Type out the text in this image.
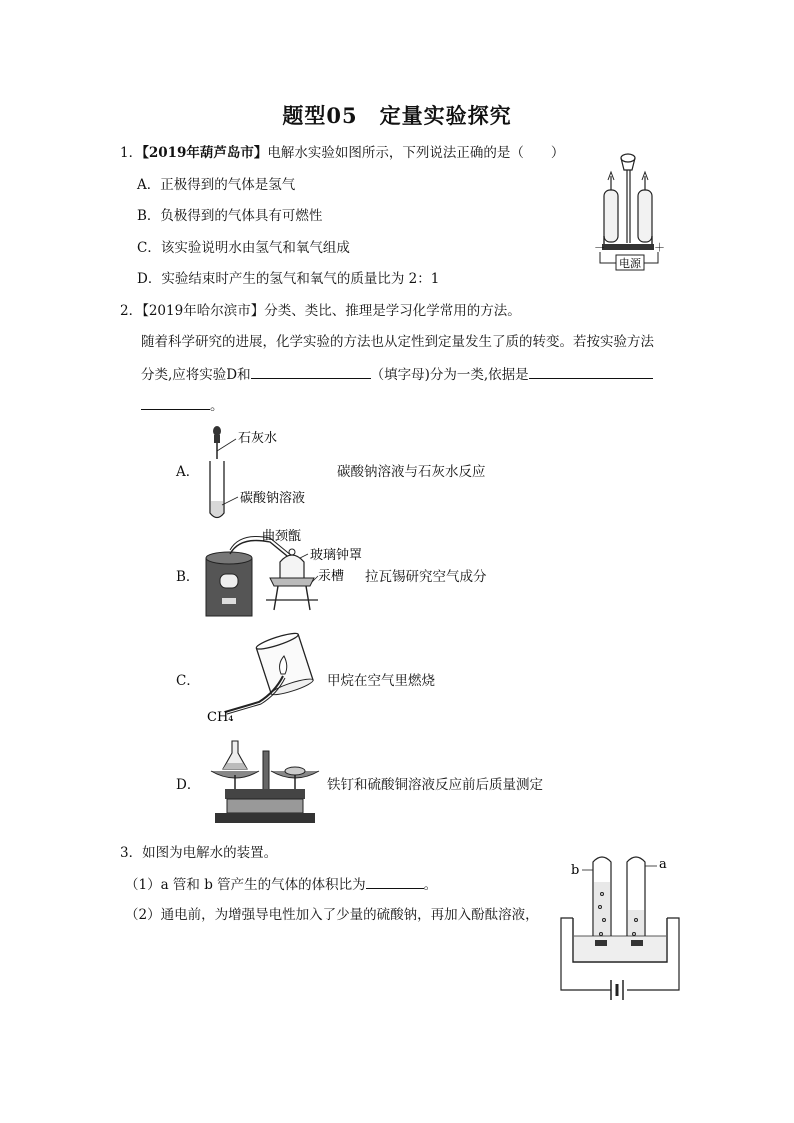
题型05　定量实验探究
1．【2019年葫芦岛市】电解水实验如图所示，下列说法正确的是（　　）
A．正极得到的气体是氢气
B．负极得到的气体具有可燃性
C．该实验说明水由氢气和氧气组成
D．实验结束时产生的氢气和氧气的质量比为 2：1
－	＋
电源
2．【2019年哈尔滨市】分类、类比、推理是学习化学常用的方法。
随着科学研究的进展，化学实验的方法也从定性到定量发生了质的转变。若按实验方法
分类,应将实验D和	（填字母)分为一类,依据是
。
A．
石灰水
碳酸钠溶液
碳酸钠溶液与石灰水反应
B．
曲颈甑
玻璃钟罩
汞槽 拉瓦锡研究空气成分
C．
CH₄
甲烷在空气里燃烧
D．	铁钉和硫酸铜溶液反应前后质量测定
3．如图为电解水的装置。
（1）a 管和 b 管产生的气体的体积比为	。
（2）通电前，为增强导电性加入了少量的硫酸钠，再加入酚酞溶液，
b	a
